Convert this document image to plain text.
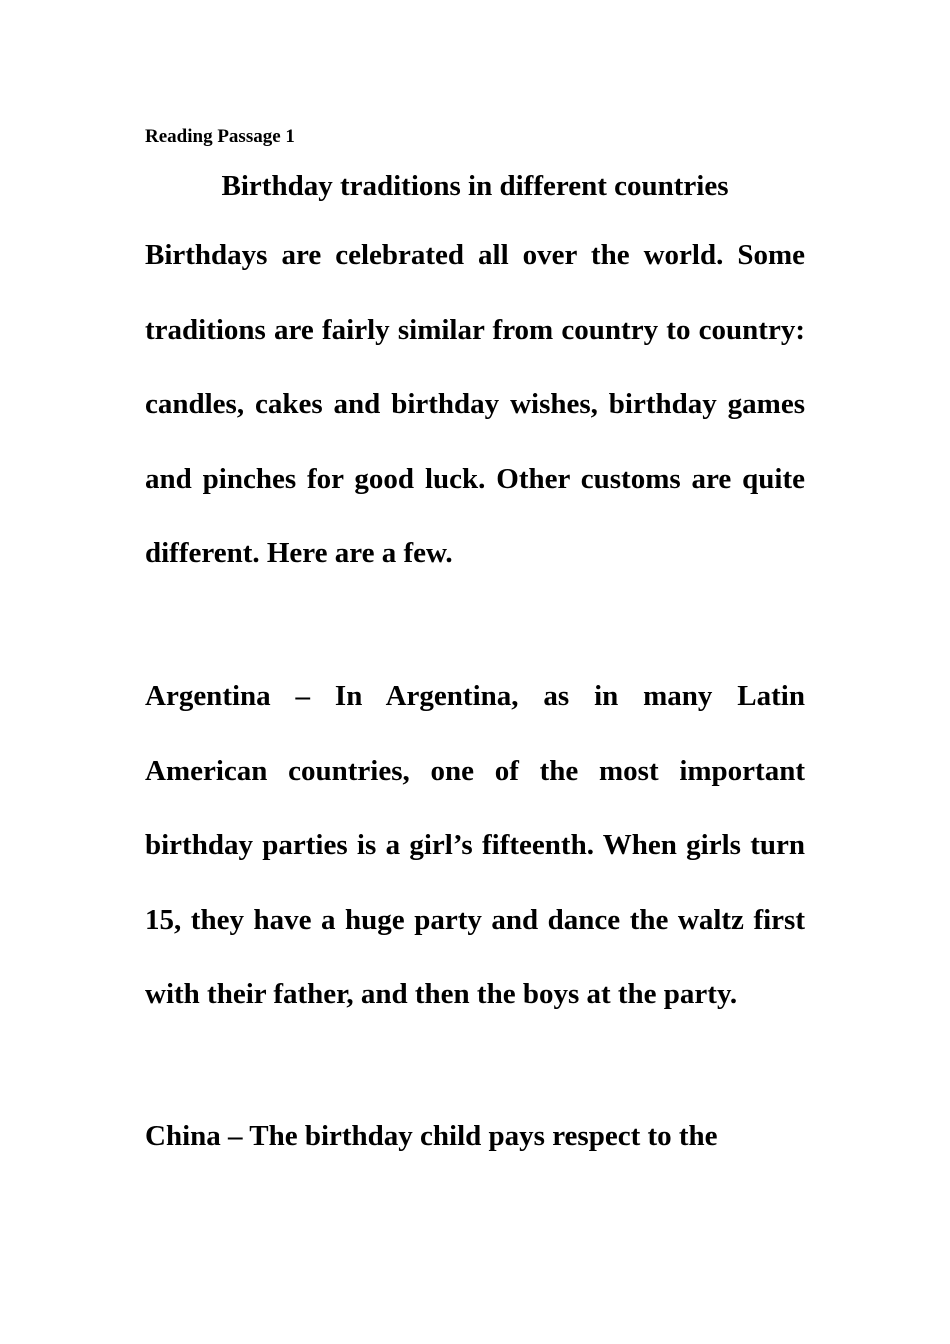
Reading Passage 1
Birthday traditions in different countries

Birthdays are celebrated all over the world. Some traditions are fairly similar from country to country: candles, cakes and birthday wishes, birthday games and pinches for good luck. Other customs are quite different. Here are a few.

Argentina – In Argentina, as in many Latin American countries, one of the most important birthday parties is a girl’s fifteenth. When girls turn 15, they have a huge party and dance the waltz first with their father, and then the boys at the party.

China – The birthday child pays respect to the
